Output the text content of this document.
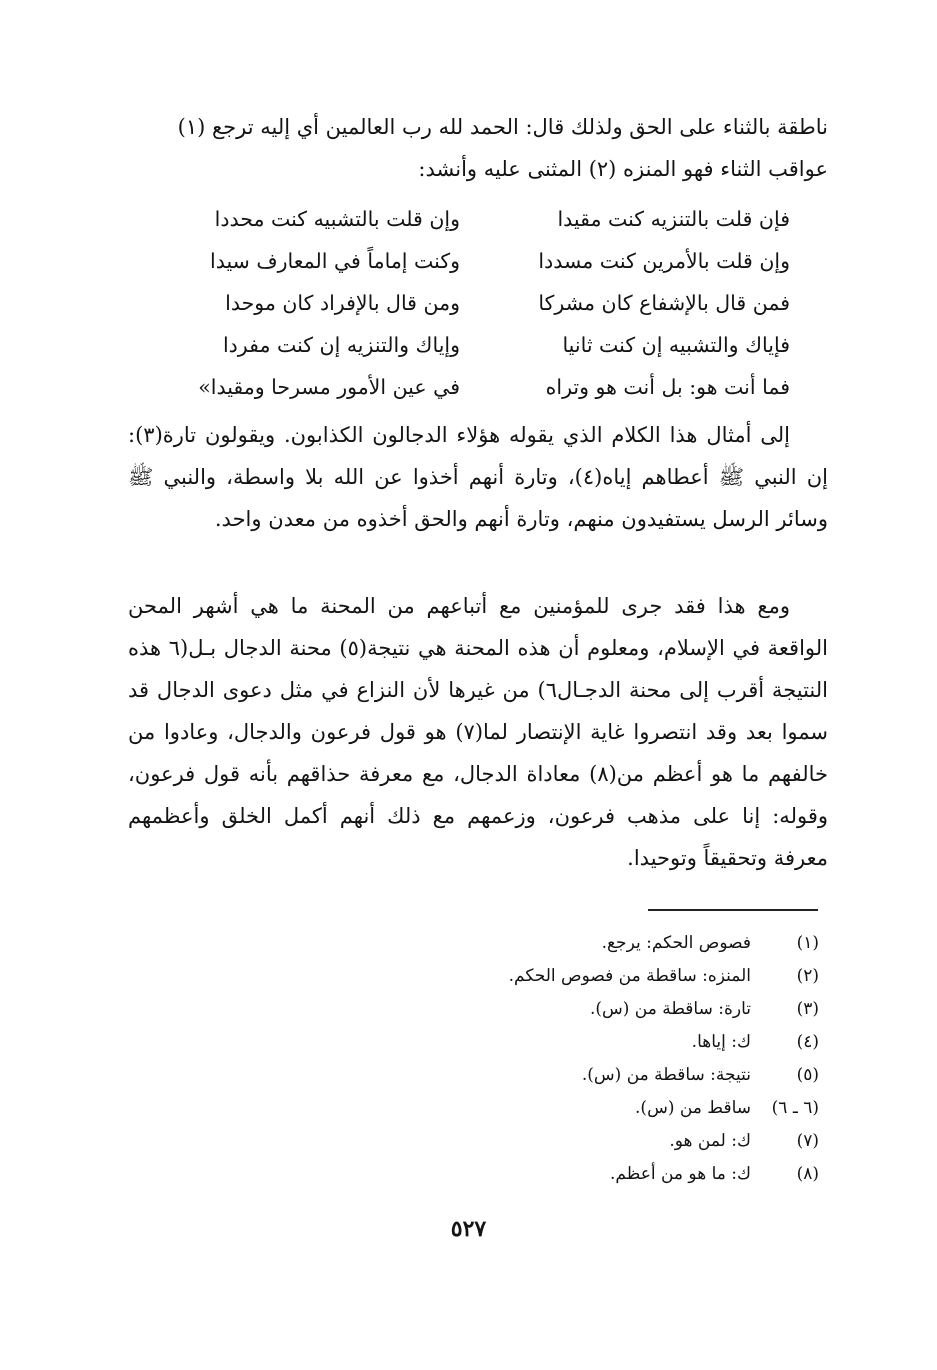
ناطقة بالثناء على الحق ولذلك قال: الحمد لله رب العالمين أي إليه ترجع (١)

عواقب الثناء فهو المنزه (٢) المثنى عليه وأنشد:

فإن قلت بالتنزيه كنت مقيدا
وإن قلت بالتشبيه كنت محددا
وإن قلت بالأمرين كنت مسددا
وكنت إماماً في المعارف سيدا
فمن قال بالإشفاع كان مشركا
ومن قال بالإفراد كان موحدا
فإياك والتشبيه إن كنت ثانيا
وإياك والتنزيه إن كنت مفردا
فما أنت هو: بل أنت هو وتراه
في عين الأمور مسرحا ومقيدا»

إلى أمثال هذا الكلام الذي يقوله هؤلاء الدجالون الكذابون. ويقولون تارة(٣): إن النبي ﷺ أعطاهم إياه(٤)، وتارة أنهم أخذوا عن الله بلا واسطة، والنبي ﷺ وسائر الرسل يستفيدون منهم، وتارة أنهم والحق أخذوه من معدن واحد.

ومع هذا فقد جرى للمؤمنين مع أتباعهم من المحنة ما هي أشهر المحن الواقعة في الإسلام، ومعلوم أن هذه المحنة هي نتيجة(٥) محنة الدجال بـل(٦ هذه النتيجة أقرب إلى محنة الدجـال٦) من غيرها لأن النزاع في مثل دعوى الدجال قد سموا بعد وقد انتصروا غاية الإنتصار لما(٧) هو قول فرعون والدجال، وعادوا من خالفهم ما هو أعظم من(٨) معاداة الدجال، مع معرفة حذاقهم بأنه قول فرعون، وقوله: إنا على مذهب فرعون، وزعمهم مع ذلك أنهم أكمل الخلق وأعظمهم معرفة وتحقيقاً وتوحيدا.

(١)
فصوص الحكم: يرجع.
(٢)
المنزه: ساقطة من فصوص الحكم.
(٣)
تارة: ساقطة من (س).
(٤)
ك: إياها.
(٥)
نتيجة: ساقطة من (س).
(٦ ـ ٦)
ساقط من (س).
(٧)
ك: لمن هو.
(٨)
ك: ما هو من أعظم.
٥٢٧
